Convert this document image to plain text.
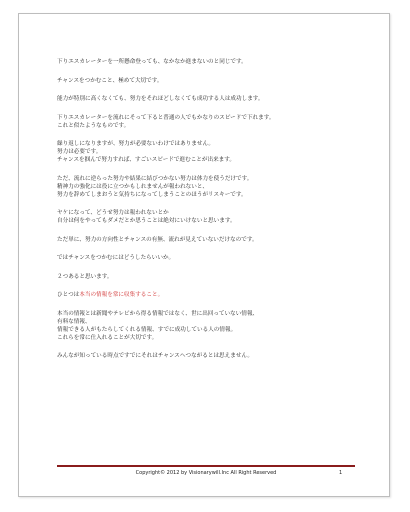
下りエスカレーターを一所懸命登っても、なかなか進まないのと同じです。

チャンスをつかむこと、極めて大切です。

能力が特別に高くなくても、努力をそれほどしなくても成功する人は成功します。

下りエスカレーターを流れにそって下ると普通の人でもかなりのスピードで下れます。
これと似たようなものです。

繰り返しになりますが、努力が必要ないわけではありません。
努力は必要です。
チャンスを掴んで努力すれば、すごいスピードで進むことが出来ます。

ただ、流れに逆らった努力や結果に結びつかない努力は体力を使うだけです。
精神力の強化には役に立つかもしれませんが報われないと、
努力を辞めてしまおうと気持ちになってしまうことのほうがリスキーです。

ヤケになって、どうせ努力は報われないとか
自分は何をやってもダメだとか思うことは絶対にいけないと思います。

ただ単に、努力の方向性とチャンスの有無、流れが見えていないだけなのです。

ではチャンスをつかむにはどうしたらいいか。

２つあると思います。

ひとつは本当の情報を常に収集すること。

本当の情報とは新聞やテレビから得る情報ではなく、世に出回っていない情報、
有料な情報、
情報できる人がもたらしてくれる情報、すでに成功している人の情報。
これらを常に仕入れることが大切です。

みんなが知っている時点ですでにそれはチャンスへつながるとは思えません。

Copyright© 2012 by Visionarywill.Inc All Right Reserved	1
